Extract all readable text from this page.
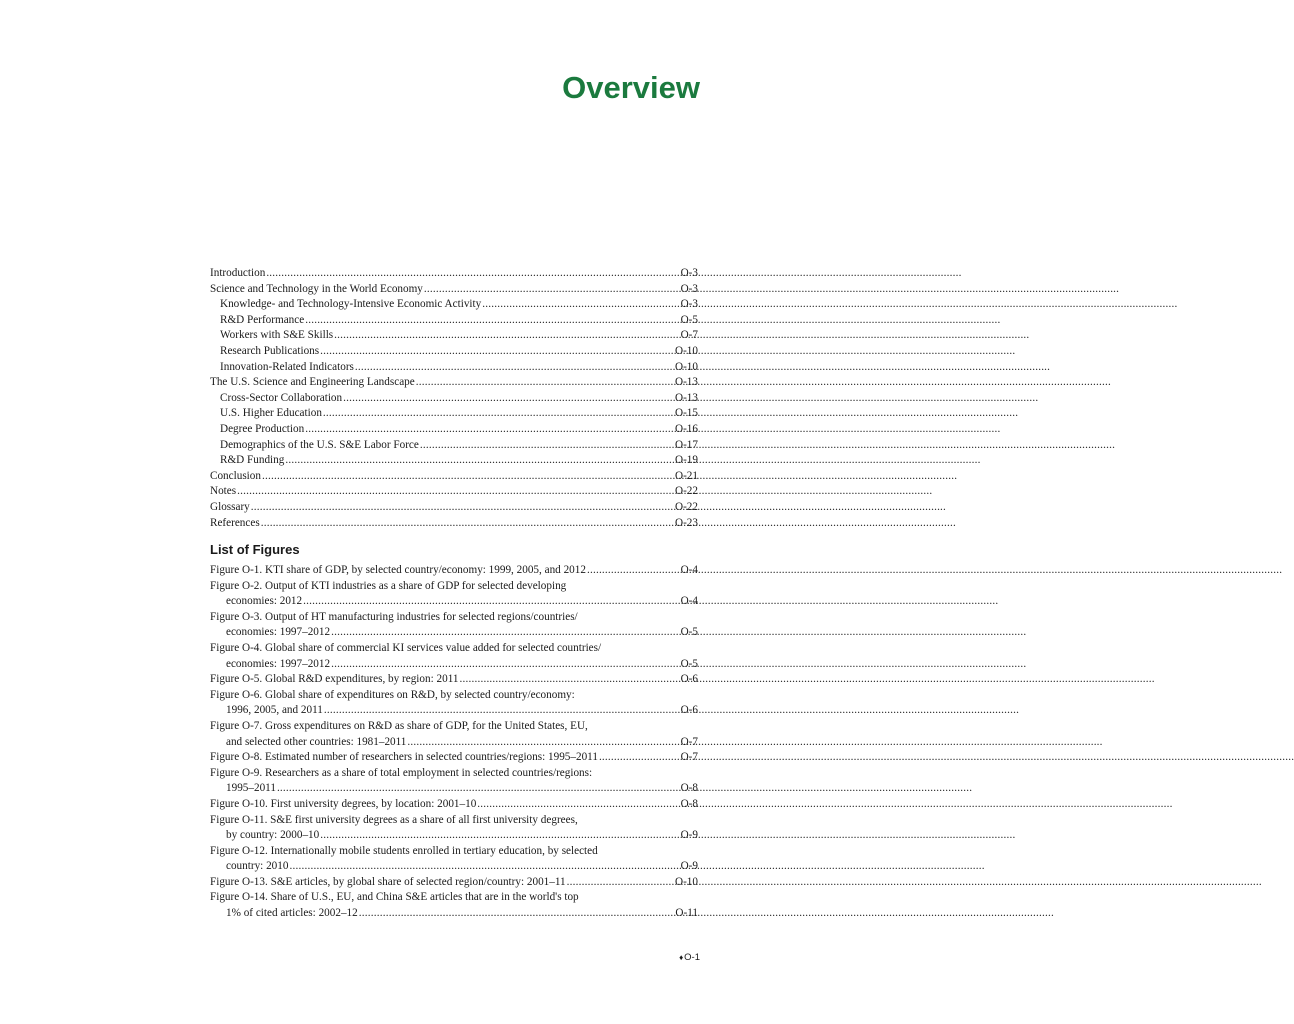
Overview
Introduction .....	O-3
Science and Technology in the World Economy .....	O-3
Knowledge- and Technology-Intensive Economic Activity .....	O-3
R&D Performance .....	O-5
Workers with S&E Skills .....	O-7
Research Publications .....	O-10
Innovation-Related Indicators .....	O-10
The U.S. Science and Engineering Landscape .....	O-13
Cross-Sector Collaboration .....	O-13
U.S. Higher Education .....	O-15
Degree Production .....	O-16
Demographics of the U.S. S&E Labor Force .....	O-17
R&D Funding .....	O-19
Conclusion .....	O-21
Notes .....	O-22
Glossary .....	O-22
References .....	O-23
List of Figures
Figure O-1. KTI share of GDP, by selected country/economy: 1999, 2005, and 2012 .....	O-4
Figure O-2. Output of KTI industries as a share of GDP for selected developing
economies: 2012 .....	O-4
Figure O-3. Output of HT manufacturing industries for selected regions/countries/
economies: 1997–2012 .....	O-5
Figure O-4. Global share of commercial KI services value added for selected countries/
economies: 1997–2012 .....	O-5
Figure O-5. Global R&D expenditures, by region: 2011 .....	O-6
Figure O-6. Global share of expenditures on R&D, by selected country/economy:
1996, 2005, and 2011 .....	O-6
Figure O-7. Gross expenditures on R&D as share of GDP, for the United States, EU,
and selected other countries: 1981–2011 .....	O-7
Figure O-8. Estimated number of researchers in selected countries/regions: 1995–2011 .....	O-7
Figure O-9. Researchers as a share of total employment in selected countries/regions:
1995–2011 .....	O-8
Figure O-10. First university degrees, by location: 2001–10 .....	O-8
Figure O-11. S&E first university degrees as a share of all first university degrees,
by country: 2000–10 .....	O-9
Figure O-12. Internationally mobile students enrolled in tertiary education, by selected
country: 2010 .....	O-9
Figure O-13. S&E articles, by global share of selected region/country: 2001–11 .....	O-10
Figure O-14. Share of U.S., EU, and China S&E articles that are in the world's top
1% of cited articles: 2002–12 .....	O-11
♦O-1
